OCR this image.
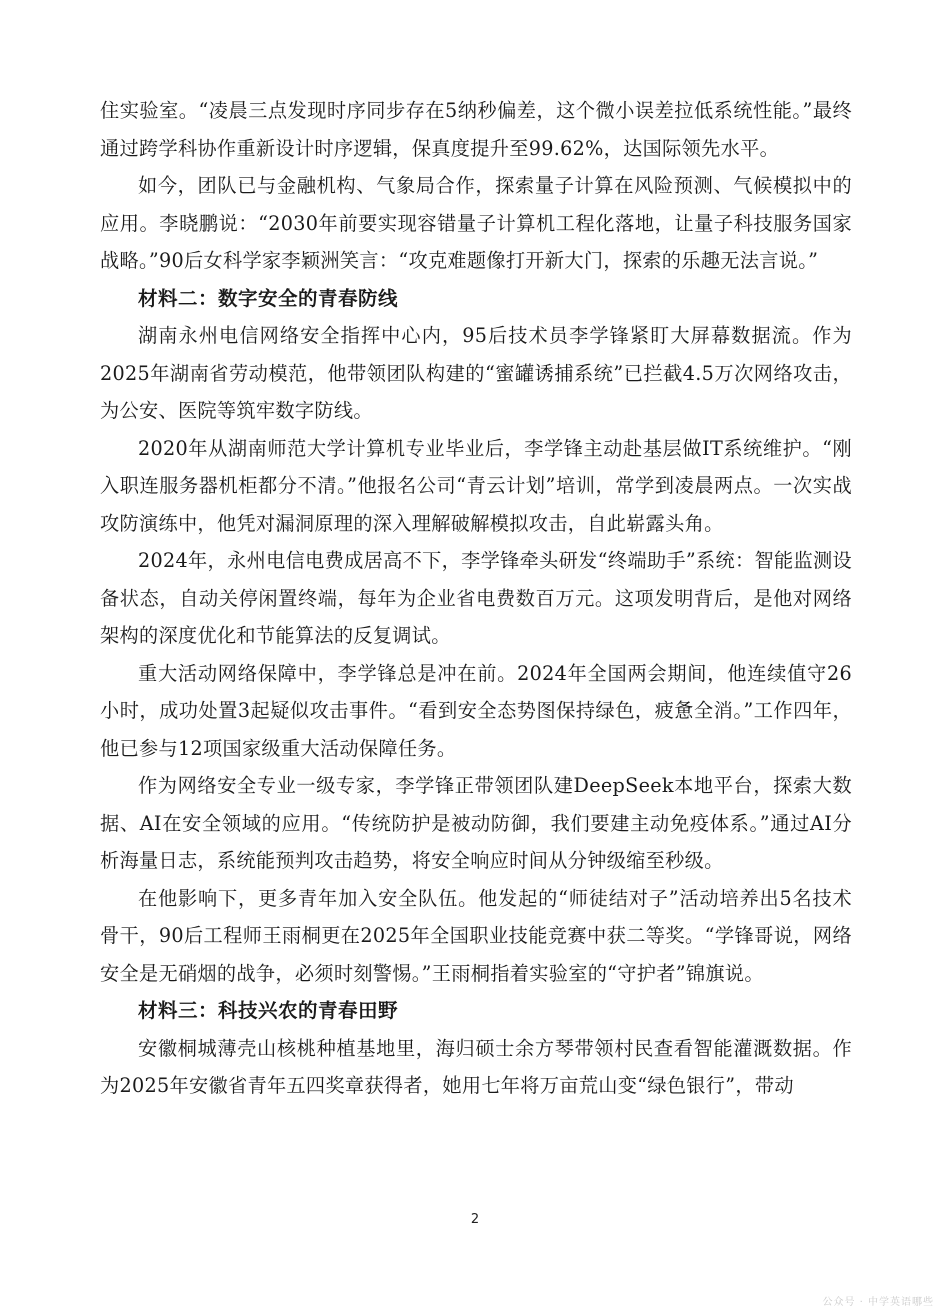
住实验室。“凌晨三点发现时序同步存在5纳秒偏差，这个微小误差拉低系统性能。”最终通过跨学科协作重新设计时序逻辑，保真度提升至99.62%，达国际领先水平。

如今，团队已与金融机构、气象局合作，探索量子计算在风险预测、气候模拟中的应用。李晓鹏说：“2030年前要实现容错量子计算机工程化落地，让量子科技服务国家战略。”90后女科学家李颖洲笑言：“攻克难题像打开新大门，探索的乐趣无法言说。”

材料二：数字安全的青春防线

湖南永州电信网络安全指挥中心内，95后技术员李学锋紧盯大屏幕数据流。作为2025年湖南省劳动模范，他带领团队构建的“蜜罐诱捕系统”已拦截4.5万次网络攻击，为公安、医院等筑牢数字防线。

2020年从湖南师范大学计算机专业毕业后，李学锋主动赴基层做IT系统维护。“刚入职连服务器机柜都分不清。”他报名公司“青云计划”培训，常学到凌晨两点。一次实战攻防演练中，他凭对漏洞原理的深入理解破解模拟攻击，自此崭露头角。

2024年，永州电信电费成居高不下，李学锋牵头研发“终端助手”系统：智能监测设备状态，自动关停闲置终端，每年为企业省电费数百万元。这项发明背后，是他对网络架构的深度优化和节能算法的反复调试。

重大活动网络保障中，李学锋总是冲在前。2024年全国两会期间，他连续值守26小时，成功处置3起疑似攻击事件。“看到安全态势图保持绿色，疲惫全消。”工作四年，他已参与12项国家级重大活动保障任务。

作为网络安全专业一级专家，李学锋正带领团队建DeepSeek本地平台，探索大数据、AI在安全领域的应用。“传统防护是被动防御，我们要建主动免疫体系。”通过AI分析海量日志，系统能预判攻击趋势，将安全响应时间从分钟级缩至秒级。

在他影响下，更多青年加入安全队伍。他发起的“师徒结对子”活动培养出5名技术骨干，90后工程师王雨桐更在2025年全国职业技能竞赛中获二等奖。“学锋哥说，网络安全是无硝烟的战争，必须时刻警惕。”王雨桐指着实验室的“守护者”锦旗说。

材料三：科技兴农的青春田野

安徽桐城薄壳山核桃种植基地里，海归硕士余方琴带领村民查看智能灌溉数据。作为2025年安徽省青年五四奖章获得者，她用七年将万亩荒山变“绿色银行”，带动

2
公众号 · 中学英语哪些
